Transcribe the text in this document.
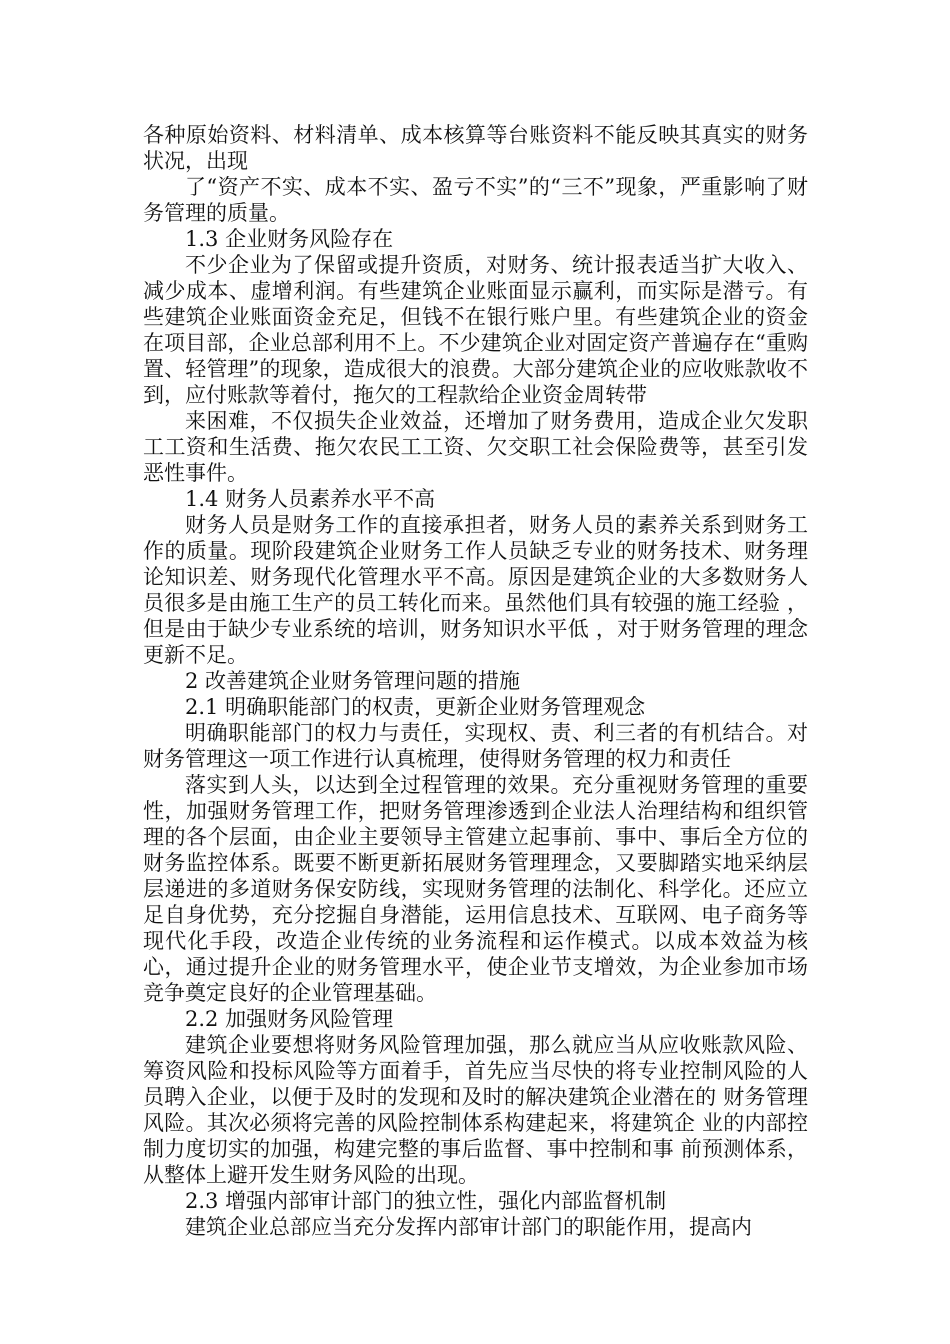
各种原始资料、材料清单、成本核算等台账资料不能反映其真实的财务状况，出现

了“资产不实、成本不实、盈亏不实”的“三不”现象，严重影响了财务管理的质量。

1.3 企业财务风险存在

不少企业为了保留或提升资质，对财务、统计报表适当扩大收入、减少成本、虚增利润。有些建筑企业账面显示赢利，而实际是潜亏。有些建筑企业账面资金充足，但钱不在银行账户里。有些建筑企业的资金在项目部，企业总部利用不上。不少建筑企业对固定资产普遍存在“重购置、轻管理”的现象，造成很大的浪费。大部分建筑企业的应收账款收不到，应付账款等着付，拖欠的工程款给企业资金周转带

来困难，不仅损失企业效益，还增加了财务费用，造成企业欠发职工工资和生活费、拖欠农民工工资、欠交职工社会保险费等，甚至引发恶性事件。

1.4 财务人员素养水平不高

财务人员是财务工作的直接承担者，财务人员的素养关系到财务工作的质量。现阶段建筑企业财务工作人员缺乏专业的财务技术、财务理论知识差、财务现代化管理水平不高。原因是建筑企业的大多数财务人员很多是由施工生产的员工转化而来。虽然他们具有较强的施工经验 ，但是由于缺少专业系统的培训，财务知识水平低 ，对于财务管理的理念更新不足。

2 改善建筑企业财务管理问题的措施

2.1 明确职能部门的权责，更新企业财务管理观念

明确职能部门的权力与责任，实现权、责、利三者的有机结合。对财务管理这一项工作进行认真梳理，使得财务管理的权力和责任

落实到人头，以达到全过程管理的效果。充分重视财务管理的重要性，加强财务管理工作，把财务管理渗透到企业法人治理结构和组织管理的各个层面，由企业主要领导主管建立起事前、事中、事后全方位的财务监控体系。既要不断更新拓展财务管理理念，又要脚踏实地采纳层层递进的多道财务保安防线，实现财务管理的法制化、科学化。还应立足自身优势，充分挖掘自身潜能，运用信息技术、互联网、电子商务等现代化手段，改造企业传统的业务流程和运作模式。以成本效益为核心，通过提升企业的财务管理水平，使企业节支增效，为企业参加市场竞争奠定良好的企业管理基础。

2.2 加强财务风险管理

建筑企业要想将财务风险管理加强，那么就应当从应收账款风险、筹资风险和投标风险等方面着手，首先应当尽快的将专业控制风险的人员聘入企业，以便于及时的发现和及时的解决建筑企业潜在的 财务管理风险。其次必须将完善的风险控制体系构建起来，将建筑企 业的内部控制力度切实的加强，构建完整的事后监督、事中控制和事 前预测体系，从整体上避开发生财务风险的出现。

2.3 增强内部审计部门的独立性，强化内部监督机制

建筑企业总部应当充分发挥内部审计部门的职能作用，提高内
